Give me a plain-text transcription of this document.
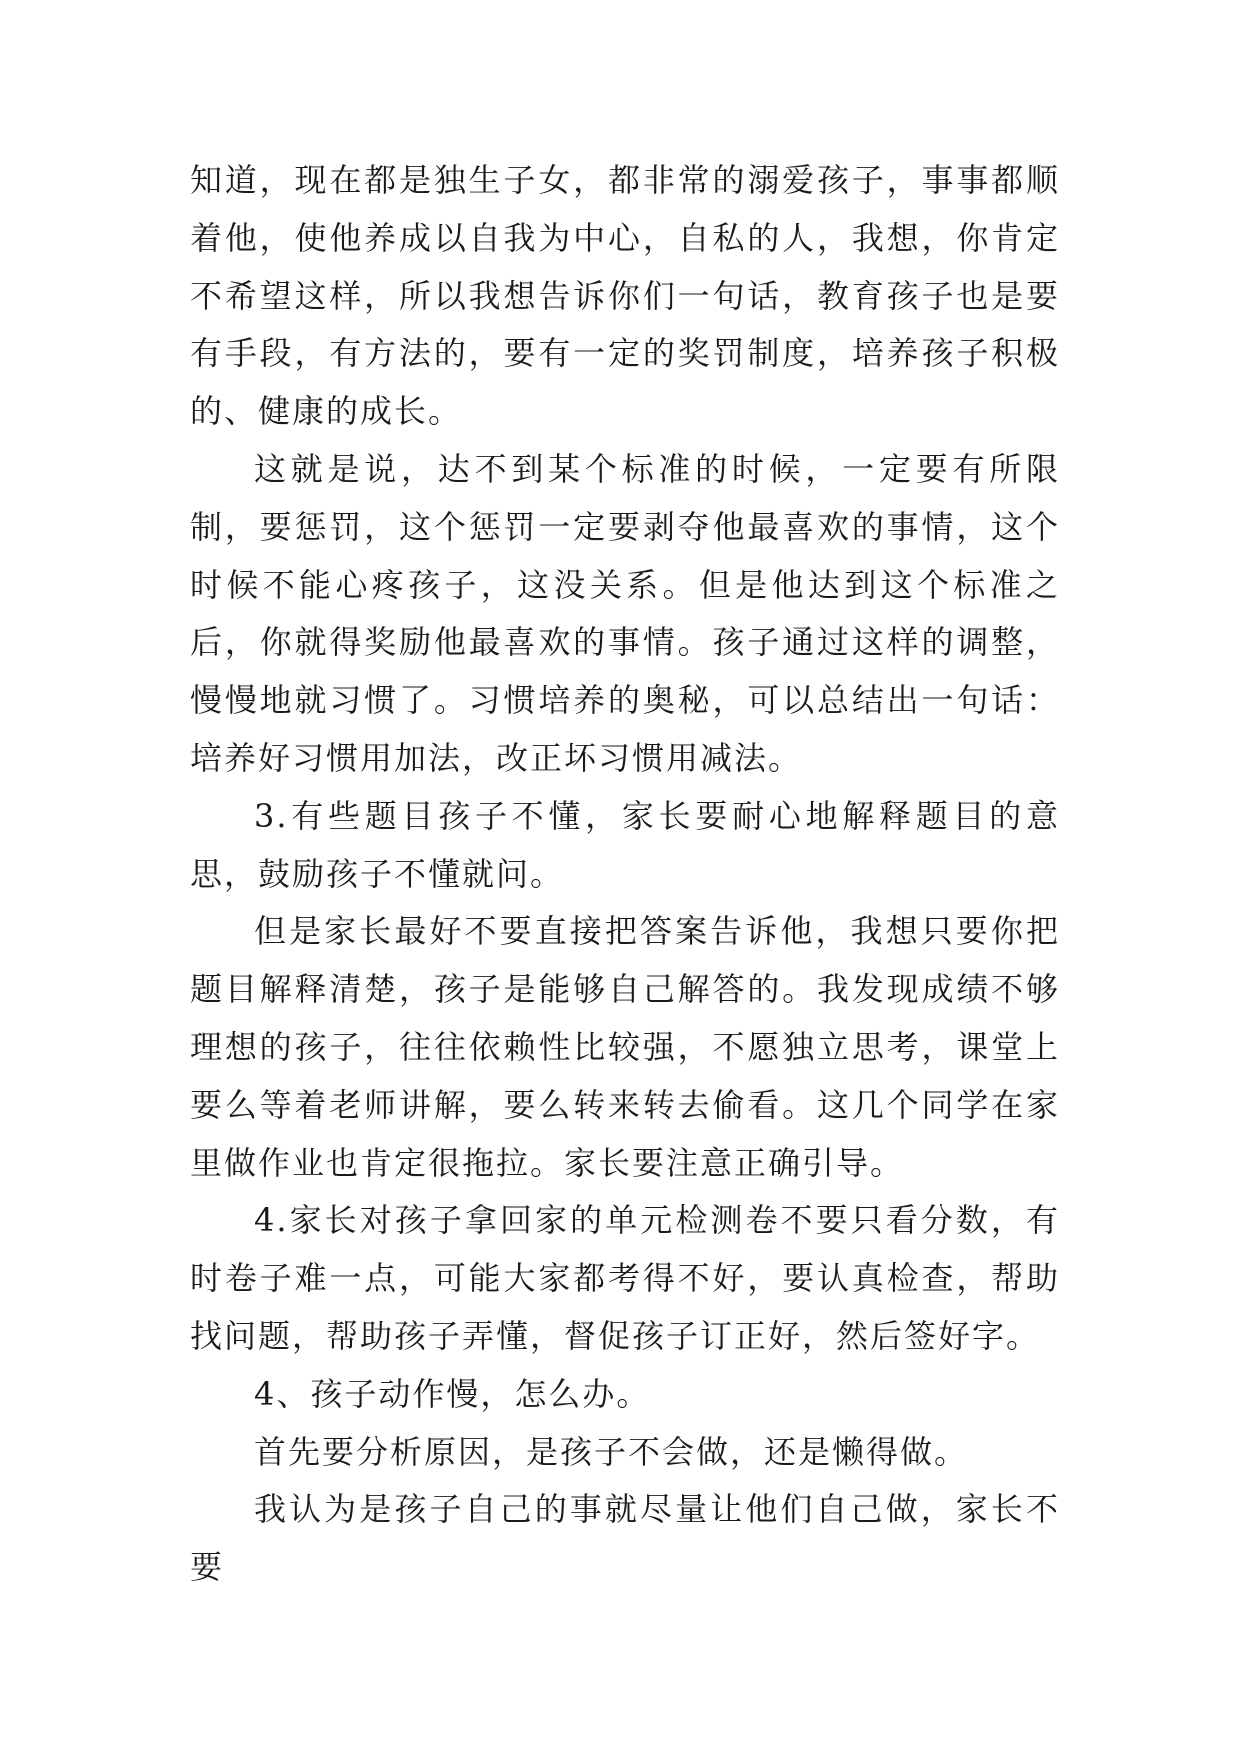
知道，现在都是独生子女，都非常的溺爱孩子，事事都顺着他，使他养成以自我为中心，自私的人，我想，你肯定不希望这样，所以我想告诉你们一句话，教育孩子也是要有手段，有方法的，要有一定的奖罚制度，培养孩子积极的、健康的成长。

这就是说，达不到某个标准的时候，一定要有所限制，要惩罚，这个惩罚一定要剥夺他最喜欢的事情，这个时候不能心疼孩子，这没关系。但是他达到这个标准之后，你就得奖励他最喜欢的事情。孩子通过这样的调整，慢慢地就习惯了。习惯培养的奥秘，可以总结出一句话：培养好习惯用加法，改正坏习惯用减法。

3.有些题目孩子不懂，家长要耐心地解释题目的意思，鼓励孩子不懂就问。

但是家长最好不要直接把答案告诉他，我想只要你把题目解释清楚，孩子是能够自己解答的。我发现成绩不够理想的孩子，往往依赖性比较强，不愿独立思考，课堂上要么等着老师讲解，要么转来转去偷看。这几个同学在家里做作业也肯定很拖拉。家长要注意正确引导。

4.家长对孩子拿回家的单元检测卷不要只看分数，有时卷子难一点，可能大家都考得不好，要认真检查，帮助找问题，帮助孩子弄懂，督促孩子订正好，然后签好字。

4、孩子动作慢，怎么办。

首先要分析原因，是孩子不会做，还是懒得做。

我认为是孩子自己的事就尽量让他们自己做，家长不要
